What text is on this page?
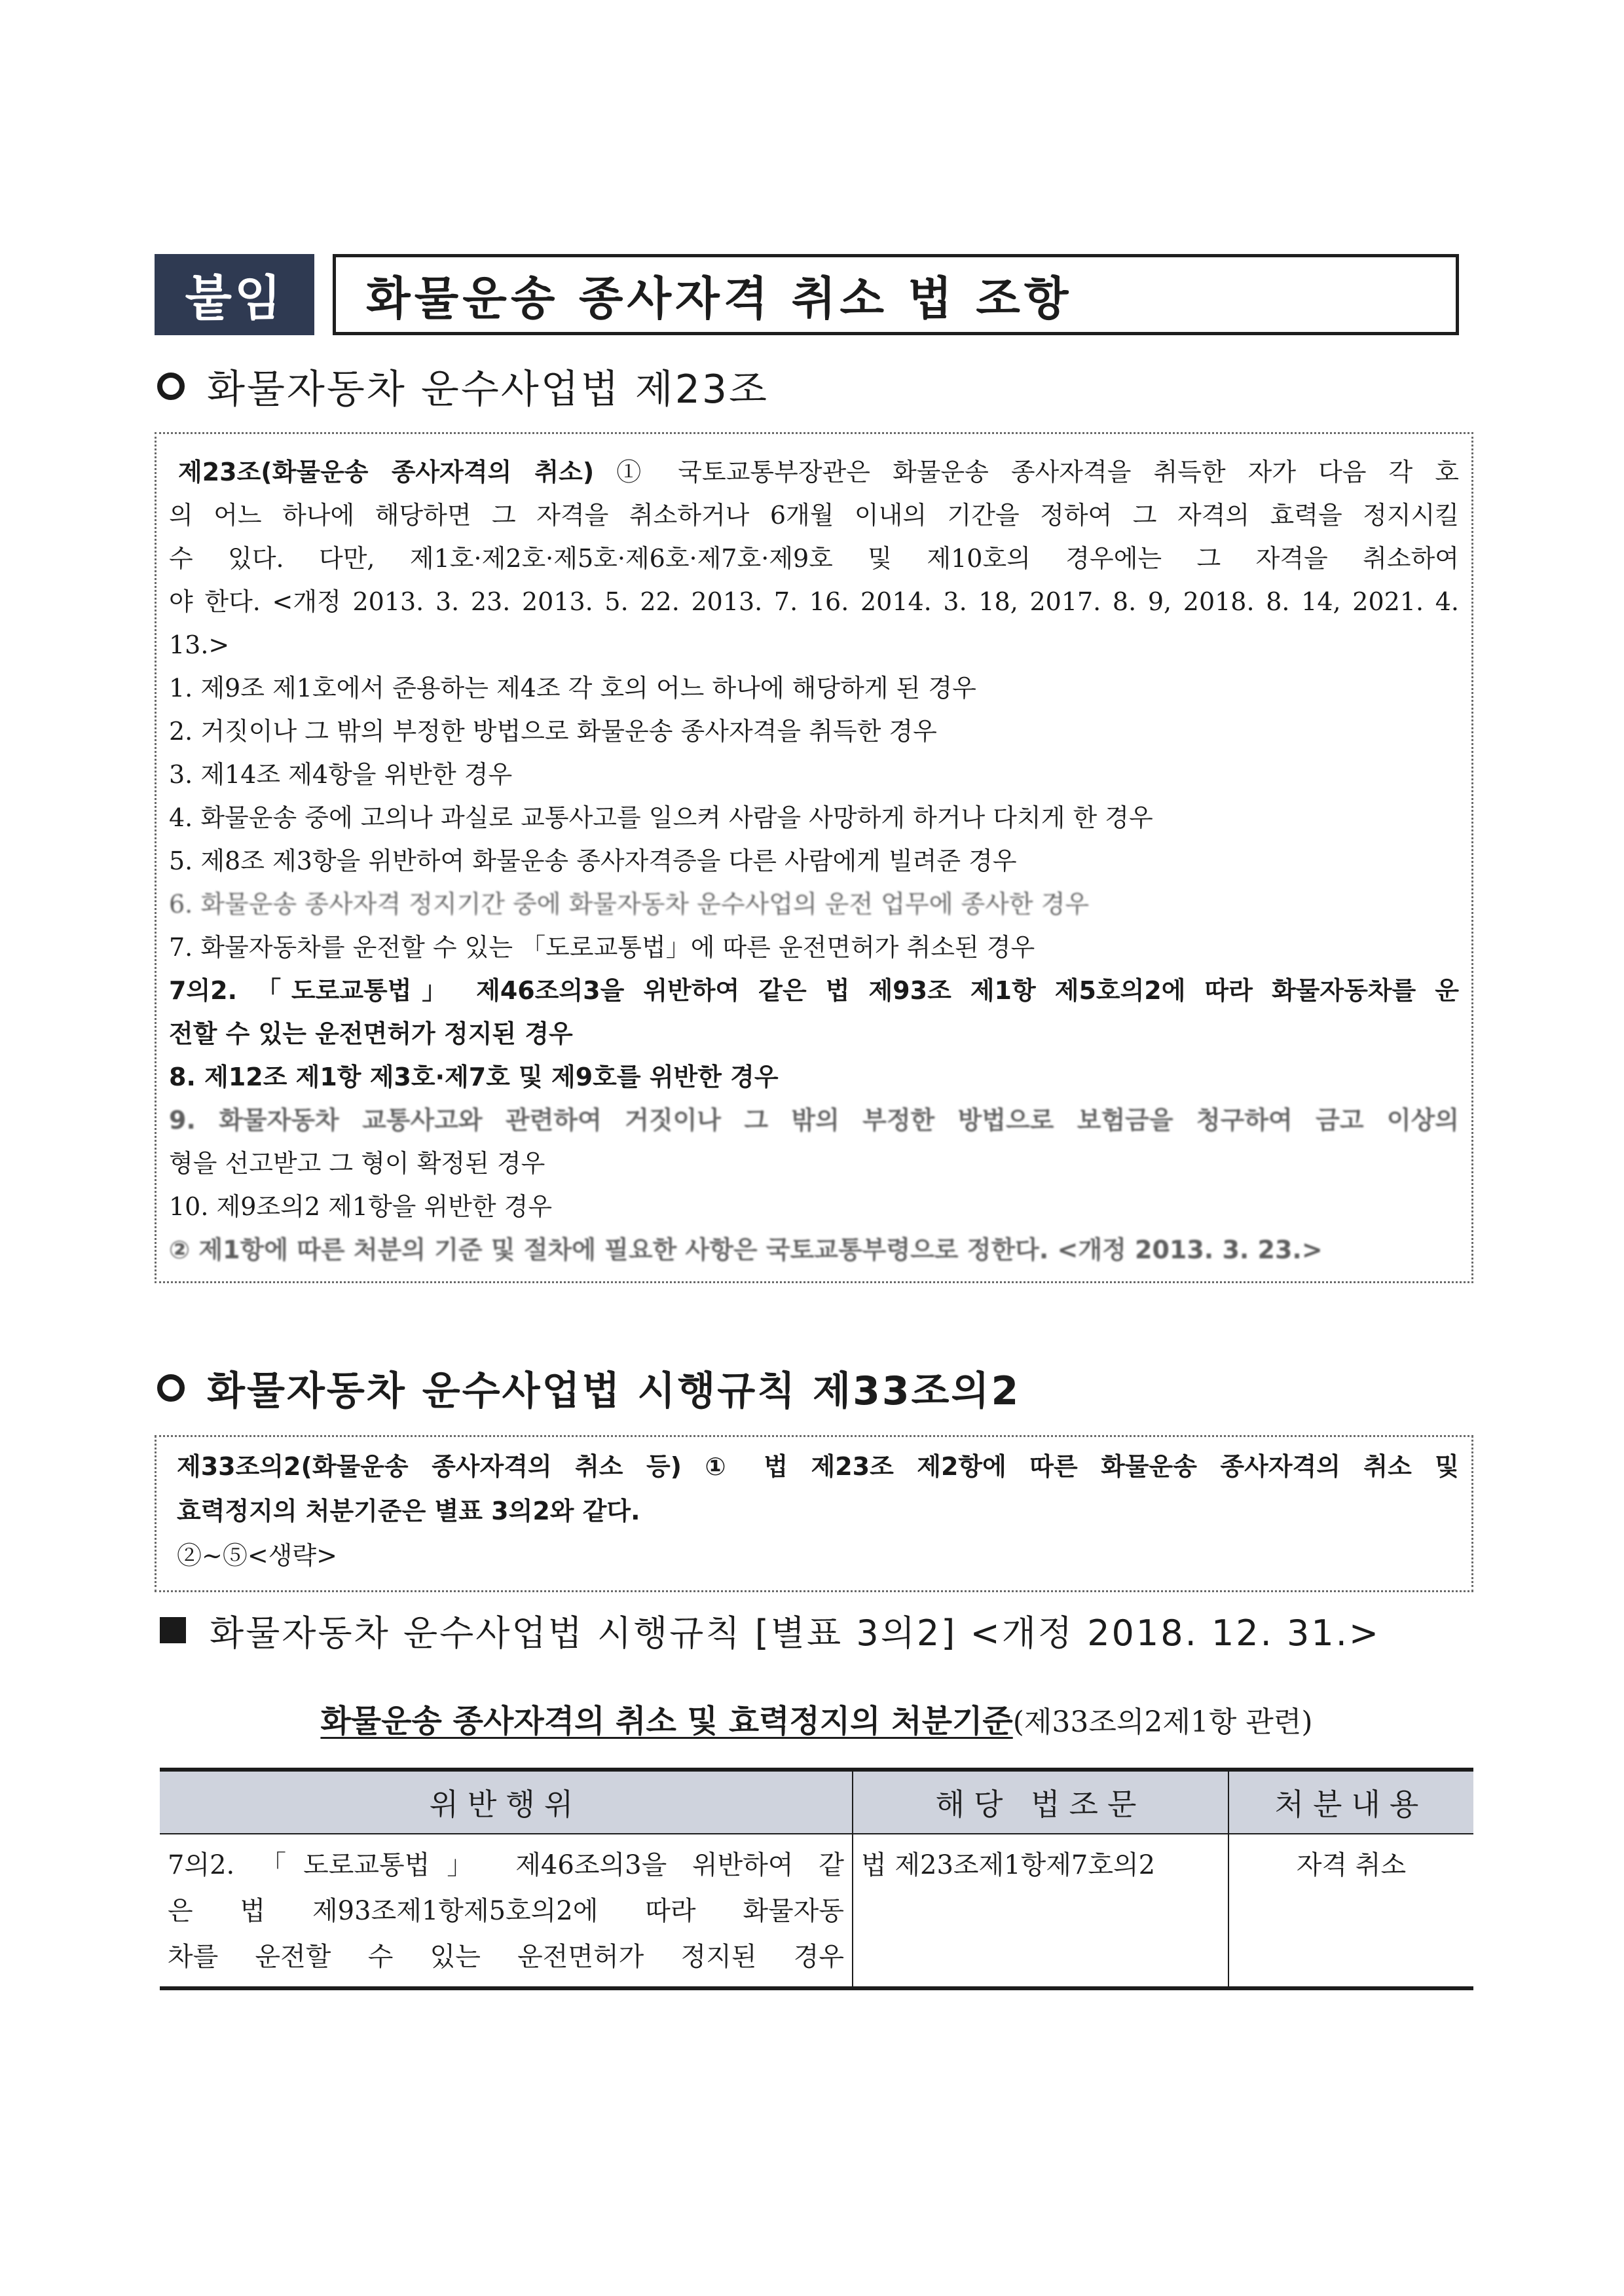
붙임	화물운송 종사자격 취소 법 조항
화물자동차 운수사업법 제23조

제23조(화물운송 종사자격의 취소) ① 국토교통부장관은 화물운송 종사자격을 취득한 자가 다음 각 호

의 어느 하나에 해당하면 그 자격을 취소하거나 6개월 이내의 기간을 정하여 그 자격의 효력을 정지시킬

수 있다. 다만, 제1호·제2호·제5호·제6호·제7호·제9호 및 제10호의 경우에는 그 자격을 취소하여

야 한다. <개정 2013. 3. 23. 2013. 5. 22. 2013. 7. 16. 2014. 3. 18, 2017. 8. 9, 2018. 8. 14, 2021. 4.

13.>

1. 제9조 제1호에서 준용하는 제4조 각 호의 어느 하나에 해당하게 된 경우

2. 거짓이나 그 밖의 부정한 방법으로 화물운송 종사자격을 취득한 경우

3. 제14조 제4항을 위반한 경우

4. 화물운송 중에 고의나 과실로 교통사고를 일으켜 사람을 사망하게 하거나 다치게 한 경우

5. 제8조 제3항을 위반하여 화물운송 종사자격증을 다른 사람에게 빌려준 경우

6. 화물운송 종사자격 정지기간 중에 화물자동차 운수사업의 운전 업무에 종사한 경우

7. 화물자동차를 운전할 수 있는 「도로교통법」에 따른 운전면허가 취소된 경우

7의2. 「도로교통법」 제46조의3을 위반하여 같은 법 제93조 제1항 제5호의2에 따라 화물자동차를 운

전할 수 있는 운전면허가 정지된 경우

8. 제12조 제1항 제3호·제7호 및 제9호를 위반한 경우

9. 화물자동차 교통사고와 관련하여 거짓이나 그 밖의 부정한 방법으로 보험금을 청구하여 금고 이상의

형을 선고받고 그 형이 확정된 경우

10. 제9조의2 제1항을 위반한 경우

② 제1항에 따른 처분의 기준 및 절차에 필요한 사항은 국토교통부령으로 정한다. <개정 2013. 3. 23.>

화물자동차 운수사업법 시행규칙 제33조의2

제33조의2(화물운송 종사자격의 취소 등) ① 법 제23조 제2항에 따른 화물운송 종사자격의 취소 및

효력정지의 처분기준은 별표 3의2와 같다.

②~⑤<생략>

화물자동차 운수사업법 시행규칙 [별표 3의2] <개정 2018. 12. 31.>
화물운송 종사자격의 취소 및 효력정지의 처분기준(제33조의2제1항 관련)
위반행위	해당 법조문	처분내용

7의2. 「도로교통법」 제46조의3을 위반하여 같
은 법 제93조제1항제5호의2에 따라 화물자동
차를 운전할 수 있는 운전면허가 정지된 경우	법 제23조제1항제7호의2	자격 취소
